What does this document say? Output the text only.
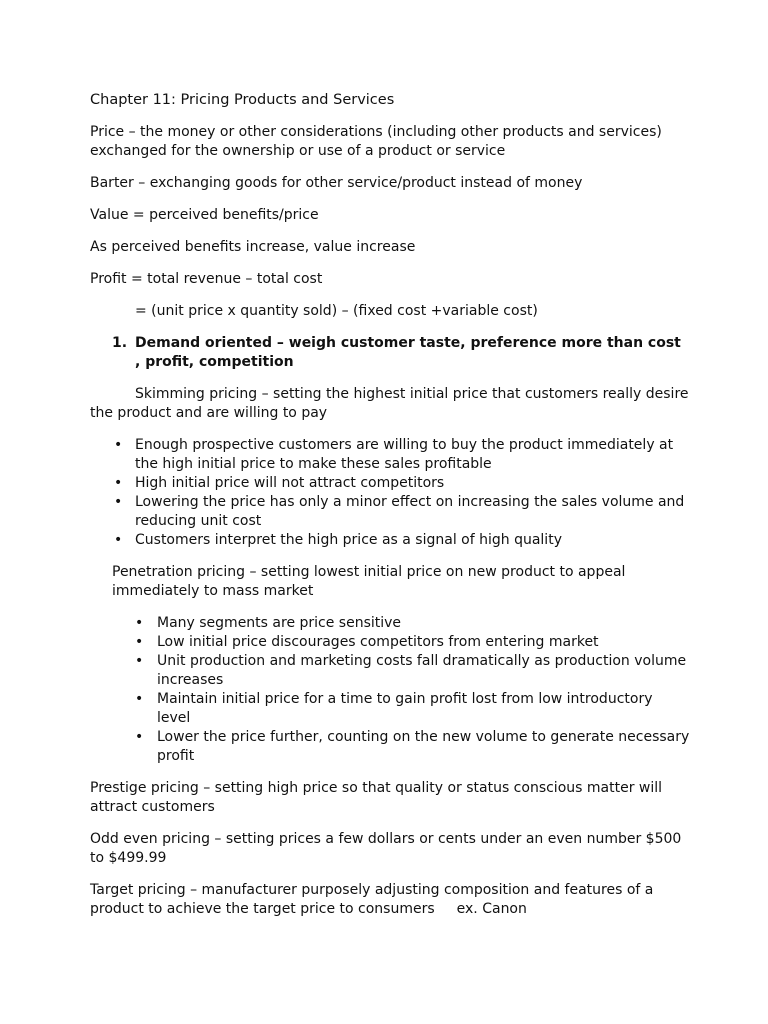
Chapter 11: Pricing Products and Services

Price – the money or other considerations (including other products and services) exchanged for the ownership or use of a product or service

Barter – exchanging goods for other service/product instead of money

Value = perceived benefits/price

As perceived benefits increase, value increase

Profit = total revenue – total cost

= (unit price x quantity sold) – (fixed cost +variable cost)

1. Demand oriented – weigh customer taste, preference more than cost , profit, competition

Skimming pricing – setting the highest initial price that customers really desire the product and are willing to pay

• Enough prospective customers are willing to buy the product immediately at the high initial price to make these sales profitable
• High initial price will not attract competitors
• Lowering the price has only a minor effect on increasing the sales volume and reducing unit cost
• Customers interpret the high price as a signal of high quality

Penetration pricing – setting lowest initial price on new product to appeal immediately to mass market

• Many segments are price sensitive
• Low initial price discourages competitors from entering market
• Unit production and marketing costs fall dramatically as production volume increases
• Maintain initial price for a time to gain profit lost from low introductory level
• Lower the price further, counting on the new volume to generate necessary profit

Prestige pricing – setting high price so that quality or status conscious matter will attract customers

Odd even pricing – setting prices a few dollars or cents under an even number $500 to $499.99

Target pricing – manufacturer purposely adjusting composition and features of a product to achieve the target price to consumers ex. Canon
